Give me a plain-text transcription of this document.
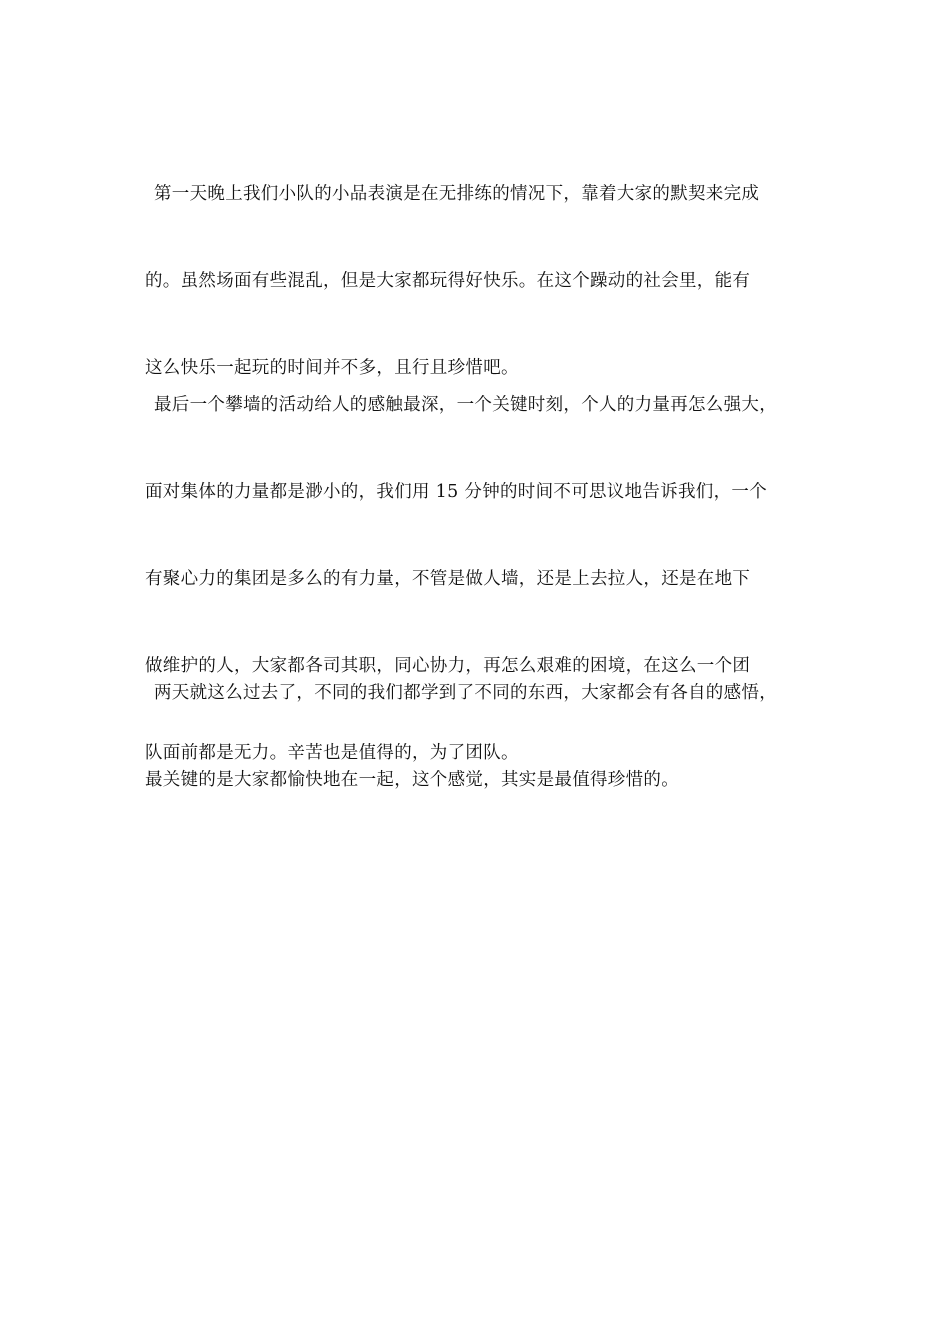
第一天晚上我们小队的小品表演是在无排练的情况下，靠着大家的默契来完成

的。虽然场面有些混乱，但是大家都玩得好快乐。在这个躁动的社会里，能有

这么快乐一起玩的时间并不多，且行且珍惜吧。

最后一个攀墙的活动给人的感触最深，一个关键时刻，个人的力量再怎么强大，

面对集体的力量都是渺小的，我们用 15 分钟的时间不可思议地告诉我们，一个

有聚心力的集团是多么的有力量，不管是做人墙，还是上去拉人，还是在地下

做维护的人，大家都各司其职，同心协力，再怎么艰难的困境，在这么一个团

队面前都是无力。辛苦也是值得的，为了团队。

两天就这么过去了，不同的我们都学到了不同的东西，大家都会有各自的感悟，

最关键的是大家都愉快地在一起，这个感觉，其实是最值得珍惜的。
